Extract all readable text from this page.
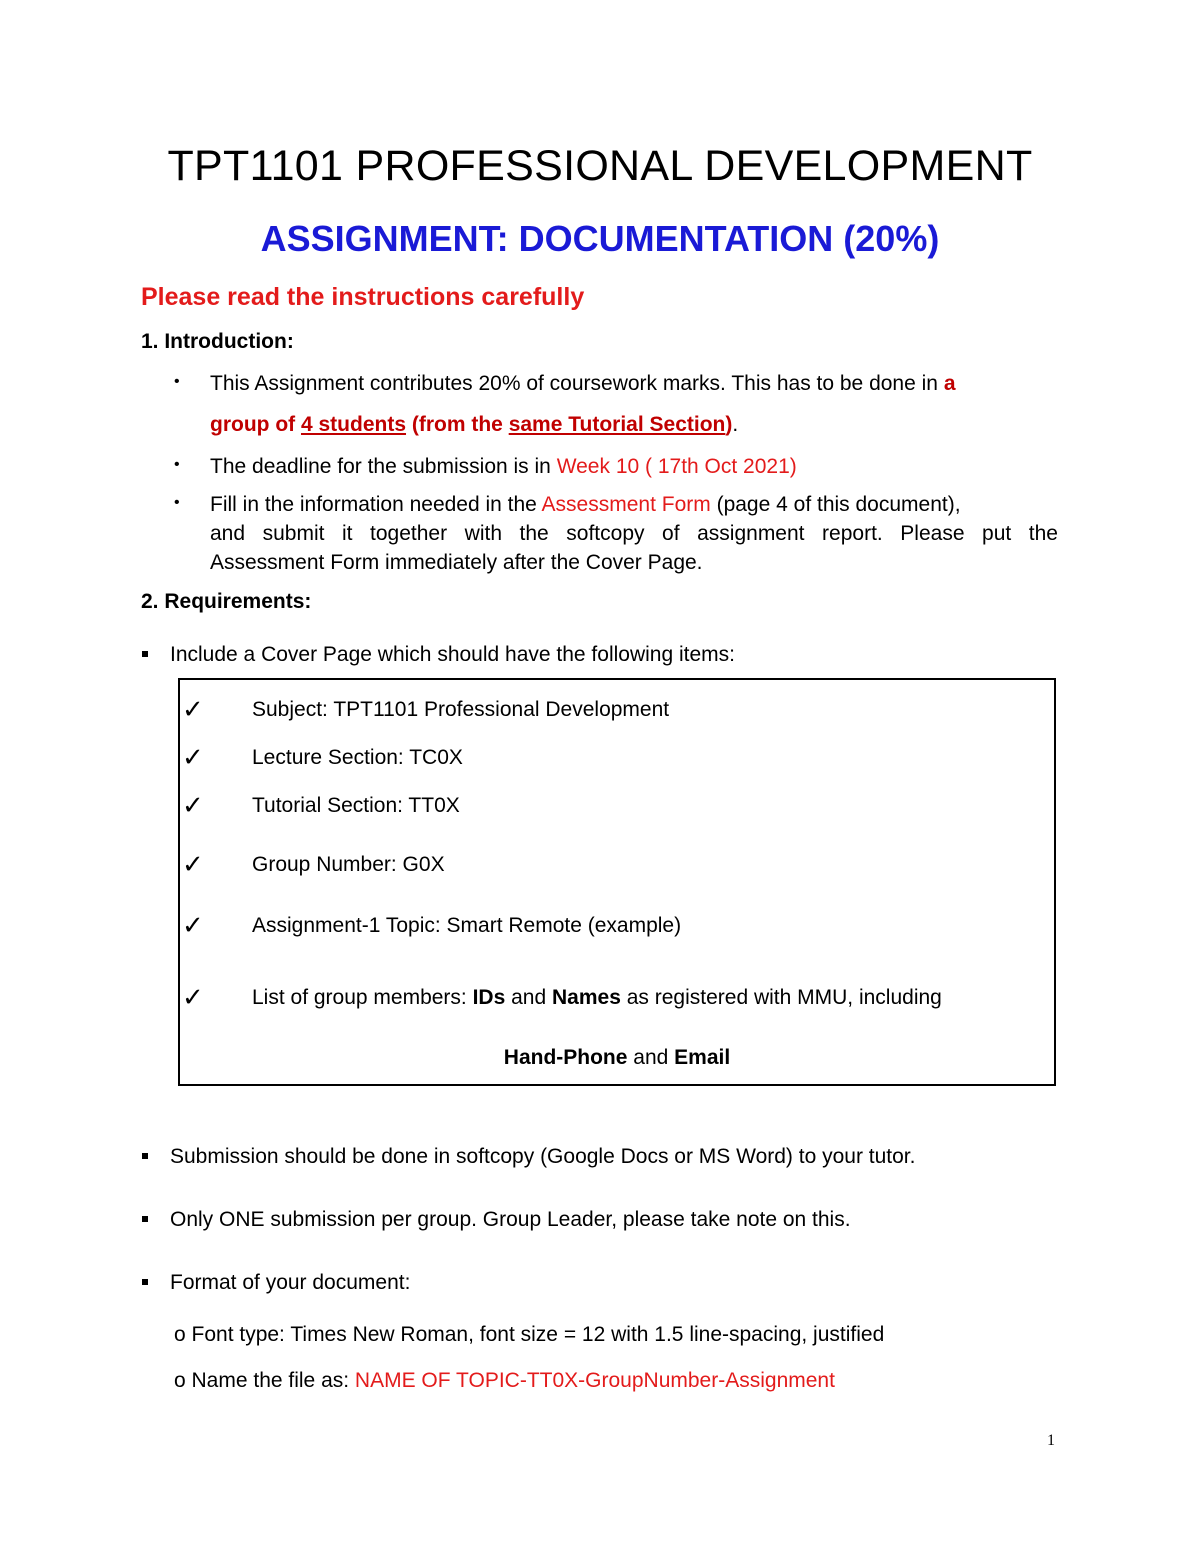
TPT1101 PROFESSIONAL DEVELOPMENT
ASSIGNMENT: DOCUMENTATION (20%)
Please read the instructions carefully
1. Introduction:
• This Assignment contributes 20% of coursework marks. This has to be done in a
group of 4 students (from the same Tutorial Section).
• The deadline for the submission is in Week 10 ( 17th Oct 2021)
• Fill in the information needed in the Assessment Form (page 4 of this document),
and submit it together with the softcopy of assignment report. Please put the
Assessment Form immediately after the Cover Page.
2. Requirements:
Include a Cover Page which should have the following items:
✓ Subject: TPT1101 Professional Development
✓ Lecture Section: TC0X
✓ Tutorial Section: TT0X
✓ Group Number: G0X
✓ Assignment-1 Topic: Smart Remote (example)
✓ List of group members: IDs and Names as registered with MMU, including
Hand-Phone and Email
Submission should be done in softcopy (Google Docs or MS Word) to your tutor.
Only ONE submission per group. Group Leader, please take note on this.
Format of your document:
o Font type: Times New Roman, font size = 12 with 1.5 line-spacing, justified
o Name the file as: NAME OF TOPIC-TT0X-GroupNumber-Assignment
1
